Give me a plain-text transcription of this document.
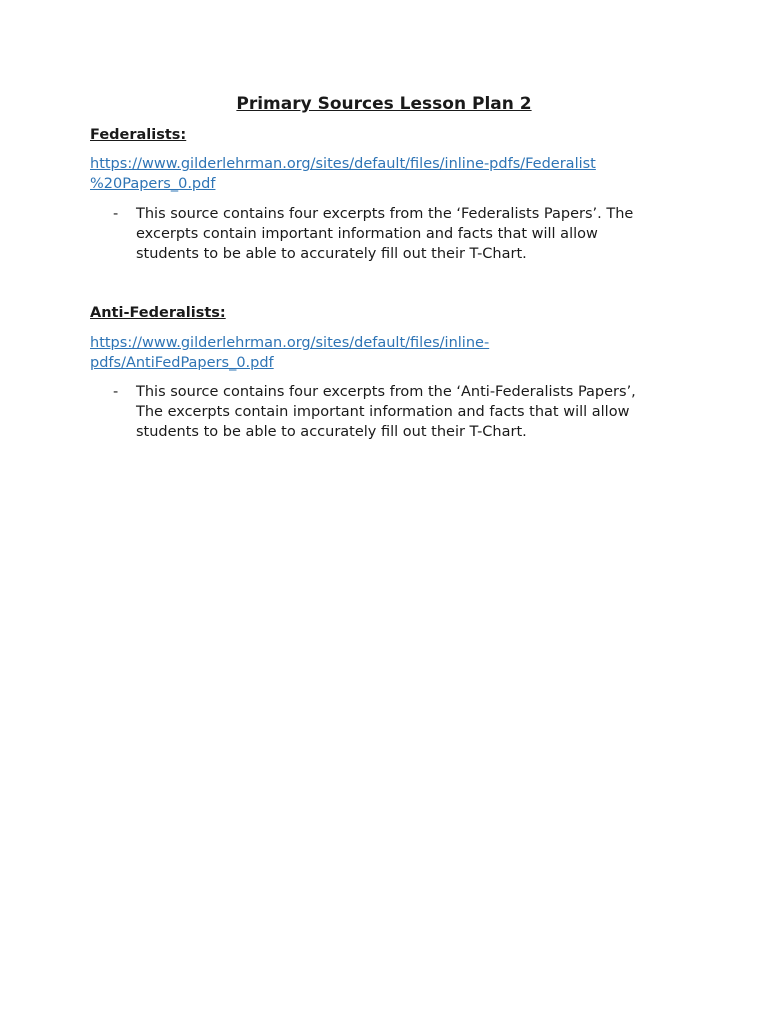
Primary Sources Lesson Plan 2
Federalists:
https://www.gilderlehrman.org/sites/default/files/inline-pdfs/Federalist
%20Papers_0.pdf
- This source contains four excerpts from the ‘Federalists Papers’. The
excerpts contain important information and facts that will allow
students to be able to accurately fill out their T-Chart.
Anti-Federalists:
https://www.gilderlehrman.org/sites/default/files/inline-
pdfs/AntiFedPapers_0.pdf
- This source contains four excerpts from the ‘Anti-Federalists Papers’,
The excerpts contain important information and facts that will allow
students to be able to accurately fill out their T-Chart.
